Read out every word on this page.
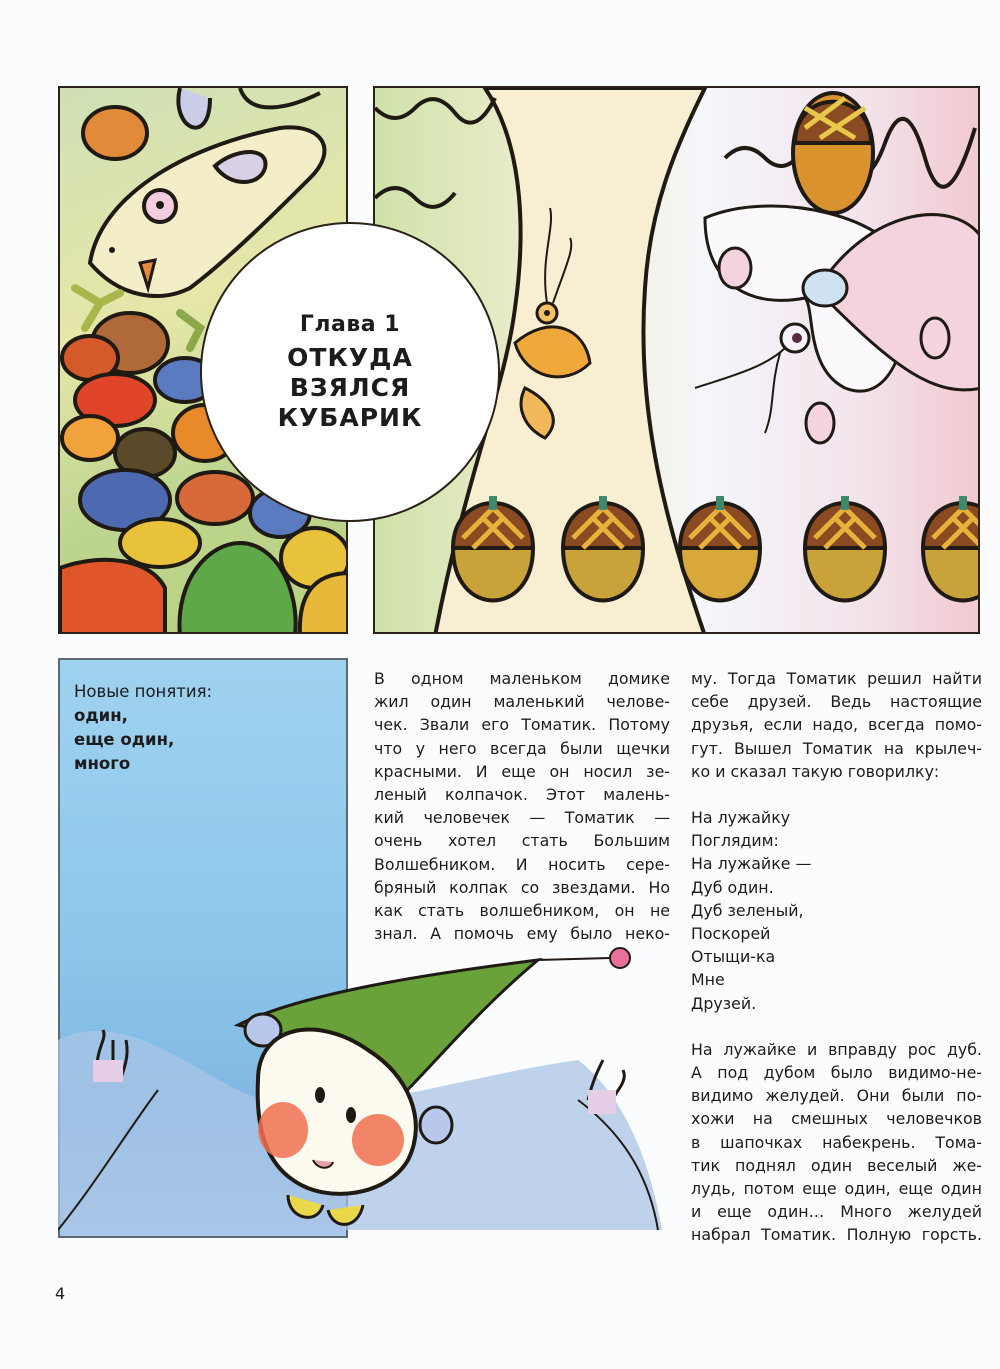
Глава 1
ОТКУДА
ВЗЯЛСЯ
КУБАРИК
Новые понятия:
один,
еще один,
много
В одном маленьком домике
жил один маленький челове-
чек. Звали его Томатик. Потому
что у него всегда были щечки
красными. И еще он носил зе-
леный колпачок. Этот малень-
кий человечек — Томатик —
очень хотел стать Большим
Волшебником. И носить сере-
бряный колпак со звездами. Но
как стать волшебником, он не
знал. А помочь ему было неко-
му. Тогда Томатик решил найти
себе друзей. Ведь настоящие
друзья, если надо, всегда помо-
гут. Вышел Томатик на крылеч-
ко и сказал такую говорилку:
На лужайку
Поглядим:
На лужайке —
Дуб один.
Дуб зеленый,
Поскорей
Отыщи-ка
Мне
Друзей.
На лужайке и вправду рос дуб.
А под дубом было видимо-не-
видимо желудей. Они были по-
хожи на смешных человечков
в шапочках набекрень. Тома-
тик поднял один веселый же-
лудь, потом еще один, еще один
и еще один… Много желудей
набрал Томатик. Полную горсть.
4
